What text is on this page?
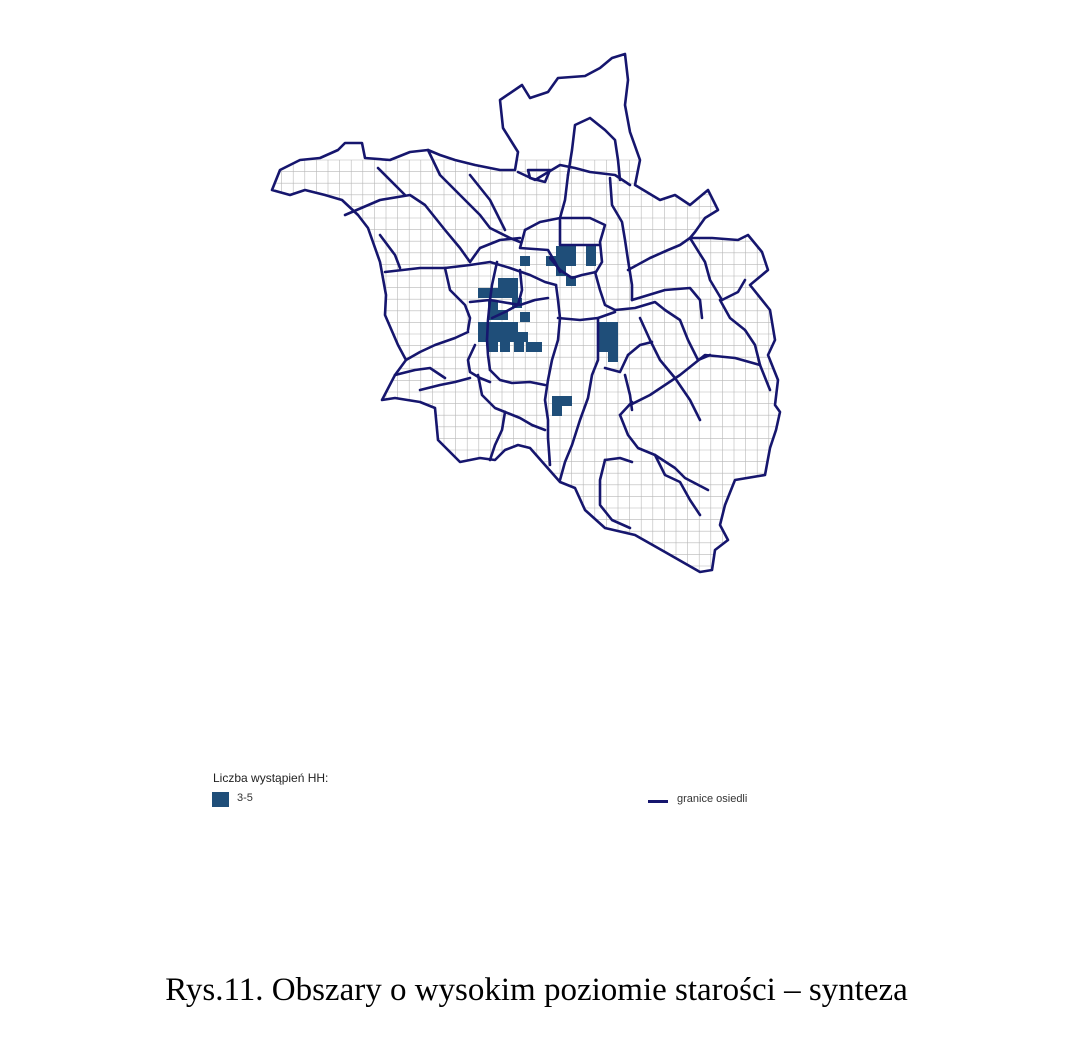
Liczba wystąpień HH:
3-5	granice osiedli
Rys.11. Obszary o wysokim poziomie starości – synteza
